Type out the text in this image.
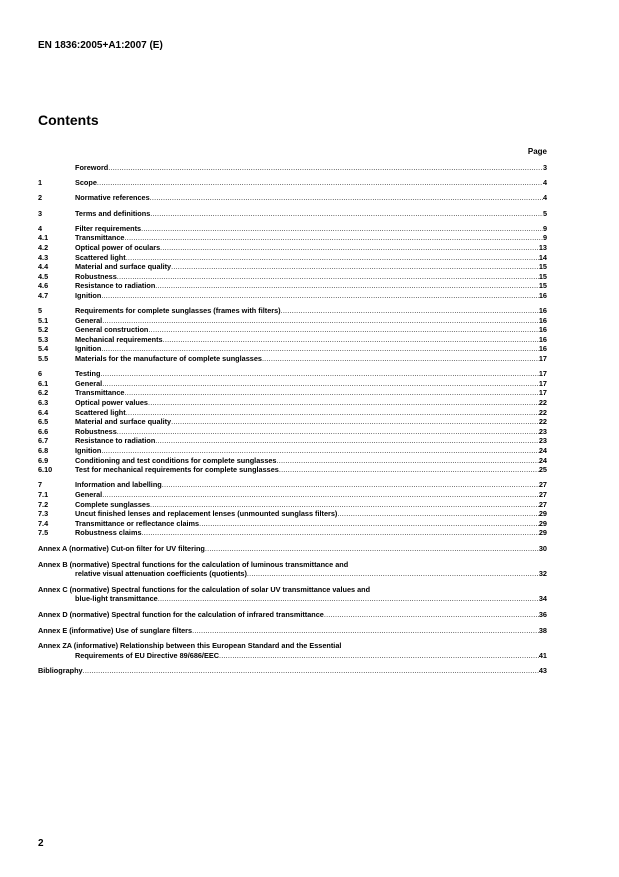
EN 1836:2005+A1:2007 (E)
Contents
Page
Foreword .....	3
1	Scope .....	4
2	Normative references .....	4
3	Terms and definitions .....	5
4	Filter requirements .....	9
4.1	Transmittance .....	9
4.2	Optical power of oculars .....	13
4.3	Scattered light .....	14
4.4	Material and surface quality .....	15
4.5	Robustness .....	15
4.6	Resistance to radiation .....	15
4.7	Ignition .....	16
5	Requirements for complete sunglasses (frames with filters) .....	16
5.1	General .....	16
5.2	General construction .....	16
5.3	Mechanical requirements .....	16
5.4	Ignition .....	16
5.5	Materials for the manufacture of complete sunglasses .....	17
6	Testing .....	17
6.1	General .....	17
6.2	Transmittance .....	17
6.3	Optical power values .....	22
6.4	Scattered light .....	22
6.5	Material and surface quality .....	22
6.6	Robustness .....	23
6.7	Resistance to radiation .....	23
6.8	Ignition .....	24
6.9	Conditioning and test conditions for complete sunglasses .....	24
6.10	Test for mechanical requirements for complete sunglasses .....	25
7	Information and labelling .....	27
7.1	General .....	27
7.2	Complete sunglasses .....	27
7.3	Uncut finished lenses and replacement lenses (unmounted sunglass filters) .....	29
7.4	Transmittance or reflectance claims .....	29
7.5	Robustness claims .....	29
Annex A (normative) Cut-on filter for UV filtering .....	30
Annex B (normative) Spectral functions for the calculation of luminous transmittance and
relative visual attenuation coefficients (quotients) .....	32
Annex C (normative) Spectral functions for the calculation of solar UV transmittance values and
blue-light transmittance .....	34
Annex D (normative) Spectral function for the calculation of infrared transmittance .....	36
Annex E (informative) Use of sunglare filters .....	38
Annex ZA (informative) Relationship between this European Standard and the Essential
Requirements of EU Directive 89/686/EEC .....	41
Bibliography .....	43
2
